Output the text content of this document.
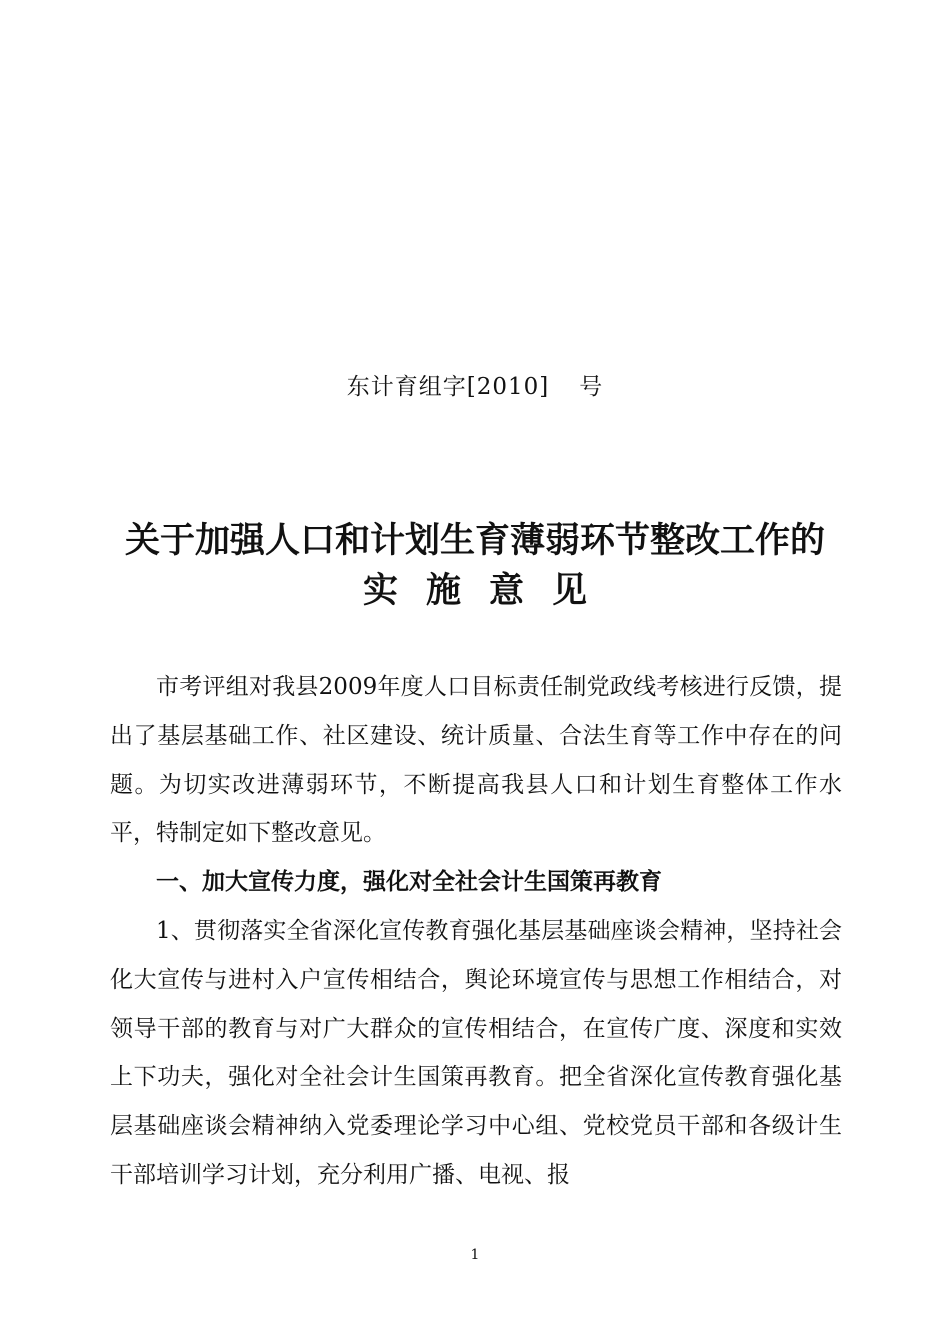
东计育组字[2010] 号
关于加强人口和计划生育薄弱环节整改工作的
实施意见

市考评组对我县2009年度人口目标责任制党政线考核进行反馈，提出了基层基础工作、社区建设、统计质量、合法生育等工作中存在的问题。为切实改进薄弱环节，不断提高我县人口和计划生育整体工作水平，特制定如下整改意见。

一、加大宣传力度，强化对全社会计生国策再教育

1、贯彻落实全省深化宣传教育强化基层基础座谈会精神，坚持社会化大宣传与进村入户宣传相结合，舆论环境宣传与思想工作相结合，对领导干部的教育与对广大群众的宣传相结合，在宣传广度、深度和实效上下功夫，强化对全社会计生国策再教育。把全省深化宣传教育强化基层基础座谈会精神纳入党委理论学习中心组、党校党员干部和各级计生干部培训学习计划，充分利用广播、电视、报

1
